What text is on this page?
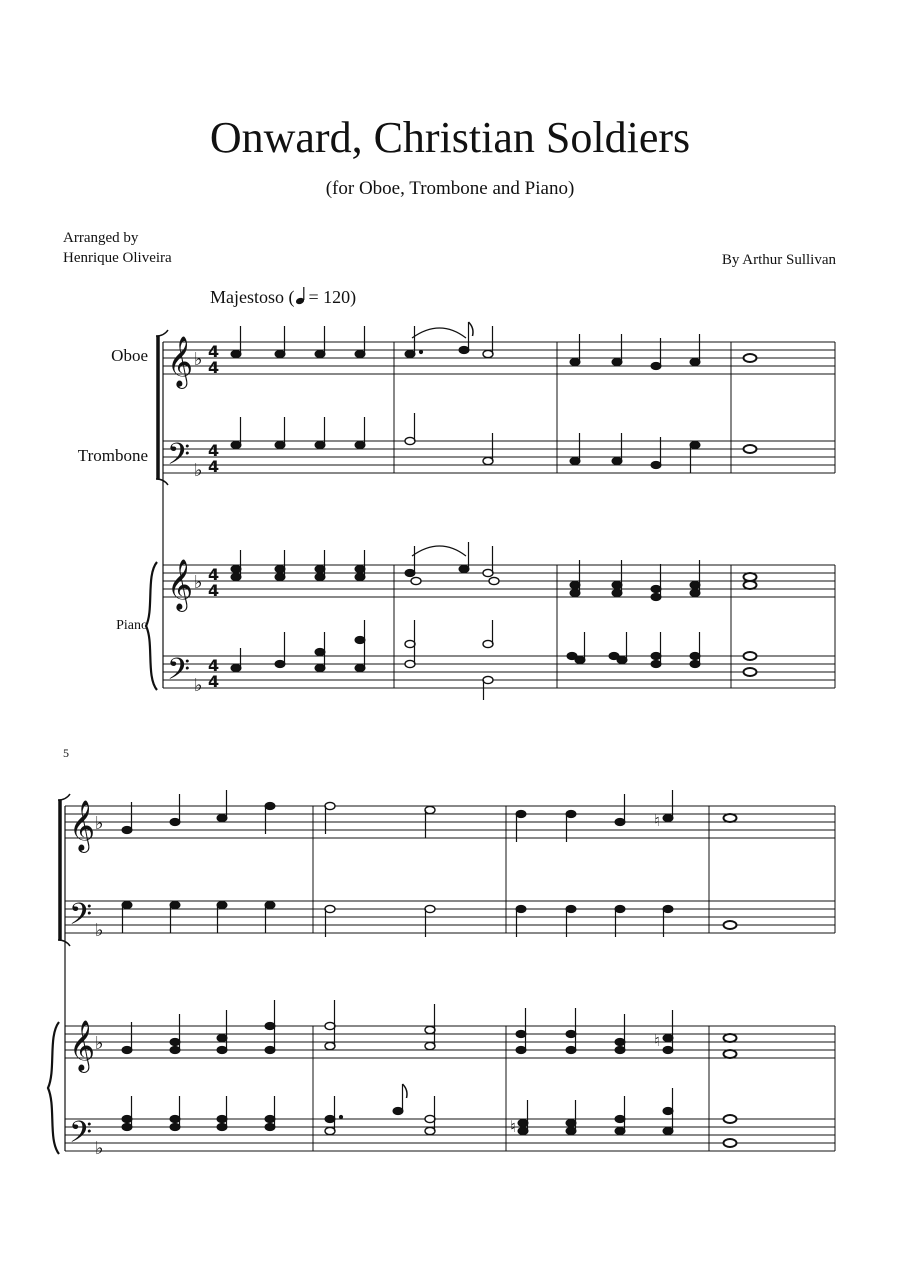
Onward, Christian Soldiers
(for Oboe, Trombone and Piano)
Arranged by
Henrique Oliveira	By Arthur Sullivan
Majestoso ( = 120)
Oboe
Trombone
Piano
5
𝄞
𝄢
𝄞
𝄢
♭
♭
♭
♭
4
4
4
4
4
4
4
4
𝄞
𝄢
𝄞
𝄢
♭
♭
♭
♭
♮
♮
♮
